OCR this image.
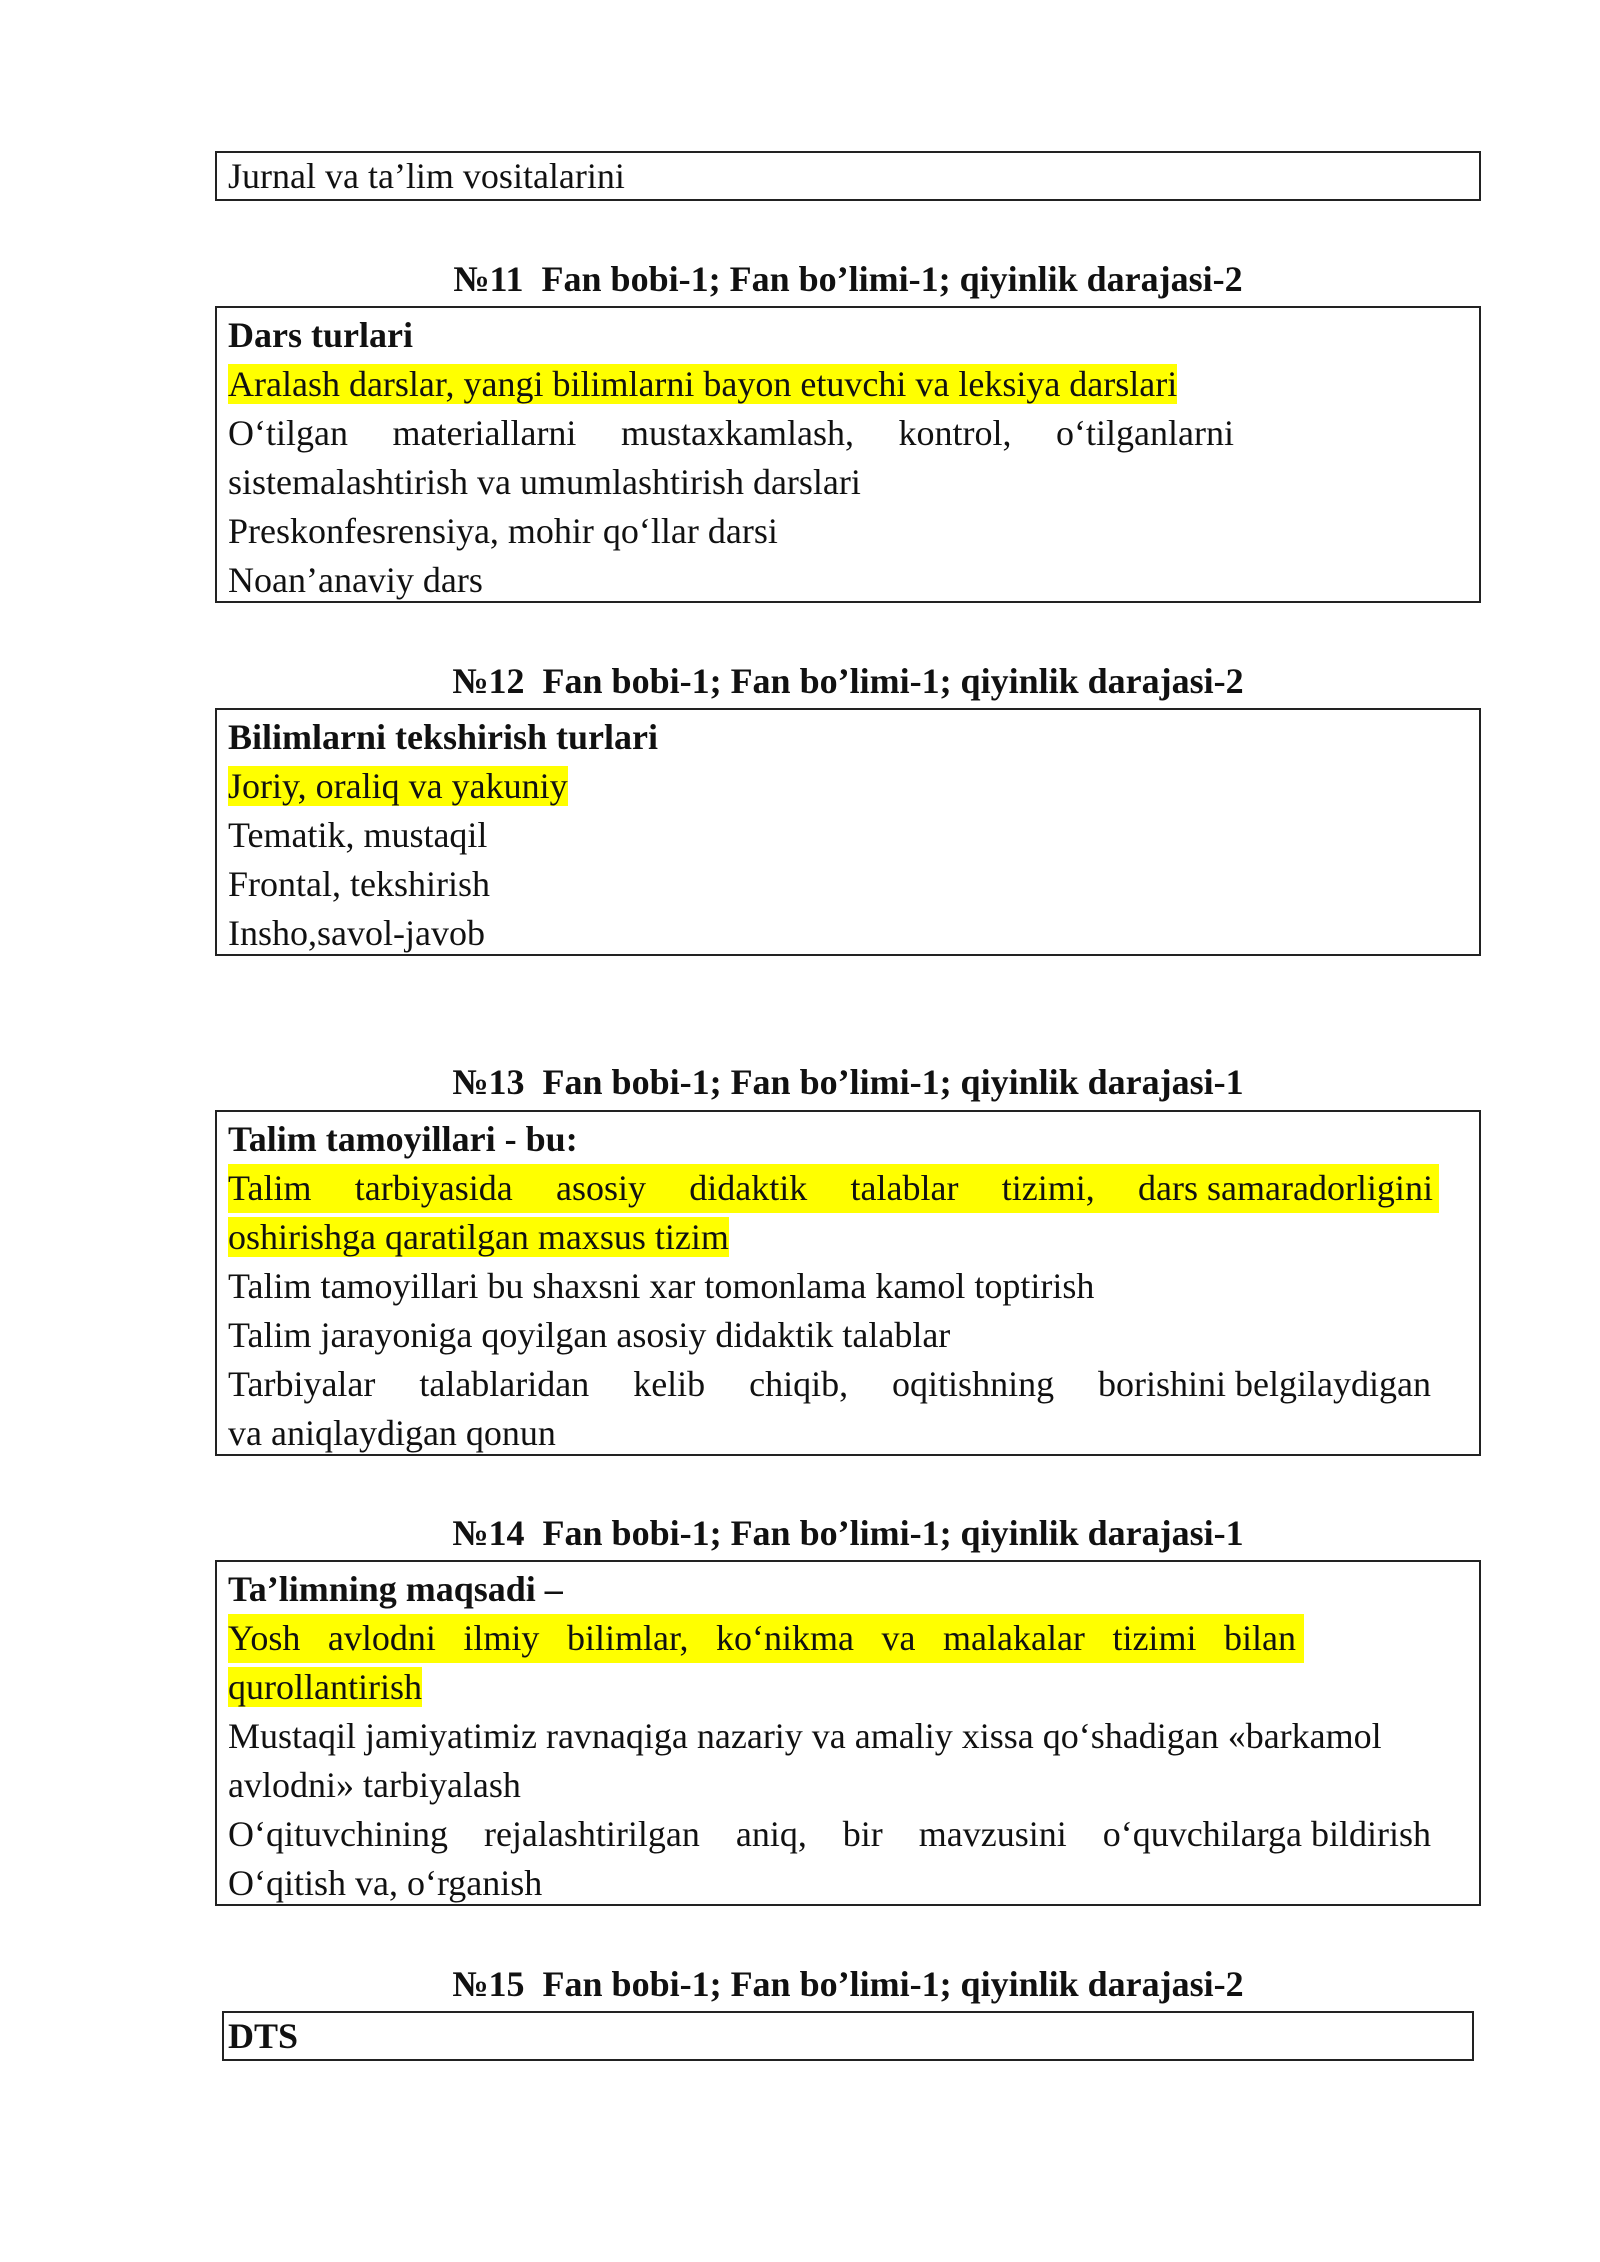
Jurnal va ta’lim vositalarini
№11  Fan bobi-1; Fan bo’limi-1; qiyinlik darajasi-2
Dars turlari
Aralash darslar, yangi bilimlarni bayon etuvchi va leksiya darslari
O‘tilgan materiallarni mustaxkamlash, kontrol, o‘tilganlarni
sistemalashtirish va umumlashtirish darslari
Preskonfesrensiya, mohir qo‘llar darsi
Noan’anaviy dars
№12  Fan bobi-1; Fan bo’limi-1; qiyinlik darajasi-2
Bilimlarni tekshirish turlari
Joriy, oraliq va yakuniy
Tematik, mustaqil
Frontal, tekshirish
Insho,savol-javob
№13  Fan bobi-1; Fan bo’limi-1; qiyinlik darajasi-1
Talim tamoyillari - bu:
Talim tarbiyasida asosiy didaktik talablar tizimi, dars samaradorligini
oshirishga qaratilgan maxsus tizim
Talim tamoyillari bu shaxsni xar tomonlama kamol toptirish
Talim jarayoniga qoyilgan asosiy didaktik talablar
Tarbiyalar talablaridan kelib chiqib, oqitishning borishini belgilaydigan
va aniqlaydigan qonun
№14  Fan bobi-1; Fan bo’limi-1; qiyinlik darajasi-1
Ta’limning maqsadi –
Yosh avlodni ilmiy bilimlar, ko‘nikma va malakalar tizimi bilan
qurollantirish
Mustaqil jamiyatimiz ravnaqiga nazariy va amaliy xissa qo‘shadigan «barkamol
avlodni» tarbiyalash
O‘qituvchining rejalashtirilgan aniq, bir mavzusini o‘quvchilarga bildirish
O‘qitish va, o‘rganish
№15  Fan bobi-1; Fan bo’limi-1; qiyinlik darajasi-2
DTS
